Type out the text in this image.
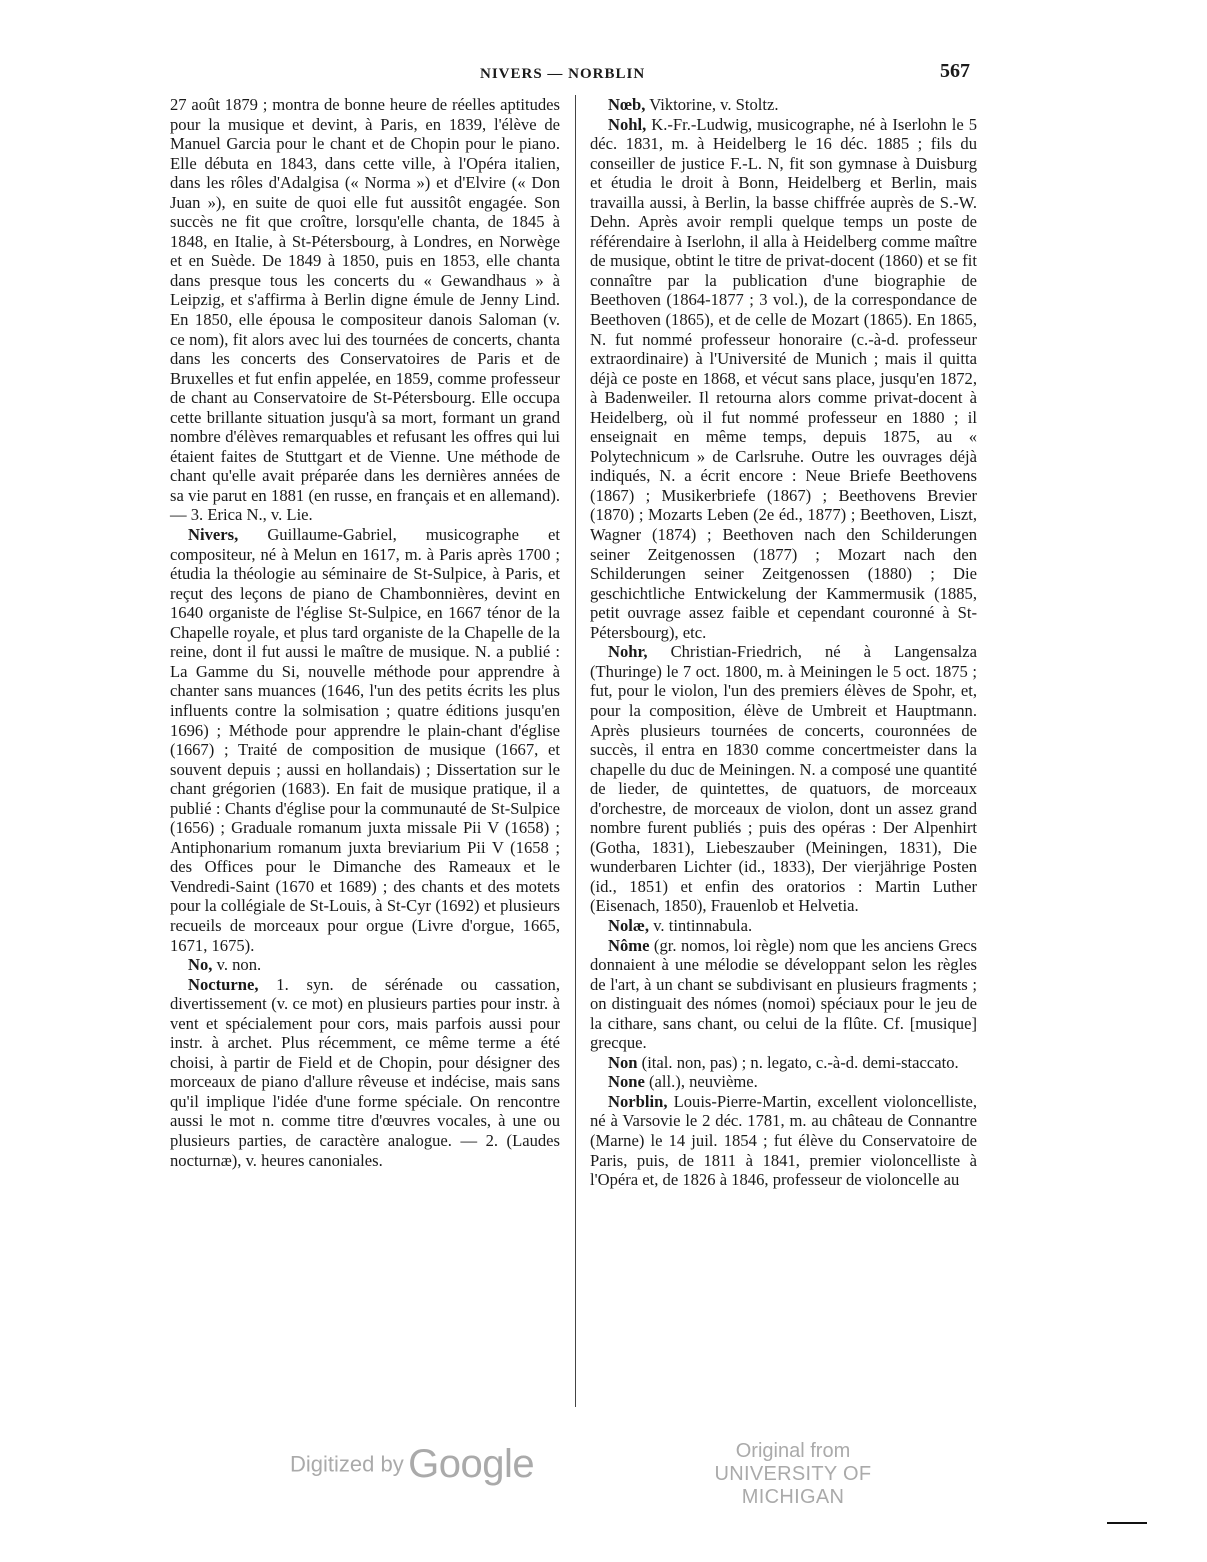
NIVERS — NORBLIN	567

27 août 1879 ; montra de bonne heure de réelles aptitudes pour la musique et devint, à Paris, en 1839, l'élève de Manuel Garcia pour le chant et de Chopin pour le piano. Elle débuta en 1843, dans cette ville, à l'Opéra italien, dans les rôles d'Adalgisa (« Norma ») et d'Elvire (« Don Juan »), en suite de quoi elle fut aussitôt engagée. Son succès ne fit que croître, lorsqu'elle chanta, de 1845 à 1848, en Italie, à St-Pétersbourg, à Londres, en Norwège et en Suède. De 1849 à 1850, puis en 1853, elle chanta dans presque tous les concerts du « Gewandhaus » à Leipzig, et s'affirma à Berlin digne émule de Jenny Lind. En 1850, elle épousa le compositeur danois Saloman (v. ce nom), fit alors avec lui des tournées de concerts, chanta dans les concerts des Conservatoires de Paris et de Bruxelles et fut enfin appelée, en 1859, comme professeur de chant au Conservatoire de St-Pétersbourg. Elle occupa cette brillante situation jusqu'à sa mort, formant un grand nombre d'élèves remarquables et refusant les offres qui lui étaient faites de Stuttgart et de Vienne. Une méthode de chant qu'elle avait préparée dans les dernières années de sa vie parut en 1881 (en russe, en français et en allemand). — 3. Erica N., v. Lie.

Nivers, Guillaume-Gabriel, musicographe et compositeur, né à Melun en 1617, m. à Paris après 1700 ; étudia la théologie au séminaire de St-Sulpice, à Paris, et reçut des leçons de piano de Chambonnières, devint en 1640 organiste de l'église St-Sulpice, en 1667 ténor de la Chapelle royale, et plus tard organiste de la Chapelle de la reine, dont il fut aussi le maître de musique. N. a publié : La Gamme du Si, nouvelle méthode pour apprendre à chanter sans muances (1646, l'un des petits écrits les plus influents contre la solmisation ; quatre éditions jusqu'en 1696) ; Méthode pour apprendre le plain-chant d'église (1667) ; Traité de composition de musique (1667, et souvent depuis ; aussi en hollandais) ; Dissertation sur le chant grégorien (1683). En fait de musique pratique, il a publié : Chants d'église pour la communauté de St-Sulpice (1656) ; Graduale romanum juxta missale Pii V (1658) ; Antiphonarium romanum juxta breviarium Pii V (1658 ; des Offices pour le Dimanche des Rameaux et le Vendredi-Saint (1670 et 1689) ; des chants et des motets pour la collégiale de St-Louis, à St-Cyr (1692) et plusieurs recueils de morceaux pour orgue (Livre d'orgue, 1665, 1671, 1675).

No, v. non.

Nocturne, 1. syn. de sérénade ou cassation, divertissement (v. ce mot) en plusieurs parties pour instr. à vent et spécialement pour cors, mais parfois aussi pour instr. à archet. Plus récemment, ce même terme a été choisi, à partir de Field et de Chopin, pour désigner des morceaux de piano d'allure rêveuse et indécise, mais sans qu'il implique l'idée d'une forme spéciale. On rencontre aussi le mot n. comme titre d'œuvres vocales, à une ou plusieurs parties, de caractère analogue. — 2. (Laudes nocturnæ), v. heures canoniales.

Nœb, Viktorine, v. Stoltz.

Nohl, K.-Fr.-Ludwig, musicographe, né à Iserlohn le 5 déc. 1831, m. à Heidelberg le 16 déc. 1885 ; fils du conseiller de justice F.-L. N, fit son gymnase à Duisburg et étudia le droit à Bonn, Heidelberg et Berlin, mais travailla aussi, à Berlin, la basse chiffrée auprès de S.-W. Dehn. Après avoir rempli quelque temps un poste de référendaire à Iserlohn, il alla à Heidelberg comme maître de musique, obtint le titre de privat-docent (1860) et se fit connaître par la publication d'une biographie de Beethoven (1864-1877 ; 3 vol.), de la correspondance de Beethoven (1865), et de celle de Mozart (1865). En 1865, N. fut nommé professeur honoraire (c.-à-d. professeur extraordinaire) à l'Université de Munich ; mais il quitta déjà ce poste en 1868, et vécut sans place, jusqu'en 1872, à Badenweiler. Il retourna alors comme privat-docent à Heidelberg, où il fut nommé professeur en 1880 ; il enseignait en même temps, depuis 1875, au « Polytechnicum » de Carlsruhe. Outre les ouvrages déjà indiqués, N. a écrit encore : Neue Briefe Beethovens (1867) ; Musikerbriefe (1867) ; Beethovens Brevier (1870) ; Mozarts Leben (2e éd., 1877) ; Beethoven, Liszt, Wagner (1874) ; Beethoven nach den Schilderungen seiner Zeitgenossen (1877) ; Mozart nach den Schilderungen seiner Zeitgenossen (1880) ; Die geschichtliche Entwickelung der Kammermusik (1885, petit ouvrage assez faible et cependant couronné à St-Pétersbourg), etc.

Nohr, Christian-Friedrich, né à Langensalza (Thuringe) le 7 oct. 1800, m. à Meiningen le 5 oct. 1875 ; fut, pour le violon, l'un des premiers élèves de Spohr, et, pour la composition, élève de Umbreit et Hauptmann. Après plusieurs tournées de concerts, couronnées de succès, il entra en 1830 comme concertmeister dans la chapelle du duc de Meiningen. N. a composé une quantité de lieder, de quintettes, de quatuors, de morceaux d'orchestre, de morceaux de violon, dont un assez grand nombre furent publiés ; puis des opéras : Der Alpenhirt (Gotha, 1831), Liebeszauber (Meiningen, 1831), Die wunderbaren Lichter (id., 1833), Der vierjährige Posten (id., 1851) et enfin des oratorios : Martin Luther (Eisenach, 1850), Frauenlob et Helvetia.

Nolæ, v. tintinnabula.

Nôme (gr. nomos, loi règle) nom que les anciens Grecs donnaient à une mélodie se développant selon les règles de l'art, à un chant se subdivisant en plusieurs fragments ; on distinguait des nómes (nomoi) spéciaux pour le jeu de la cithare, sans chant, ou celui de la flûte. Cf. [musique] grecque.

Non (ital. non, pas) ; n. legato, c.-à-d. demi-staccato.

None (all.), neuvième.

Norblin, Louis-Pierre-Martin, excellent violoncelliste, né à Varsovie le 2 déc. 1781, m. au château de Connantre (Marne) le 14 juil. 1854 ; fut élève du Conservatoire de Paris, puis, de 1811 à 1841, premier violoncelliste à l'Opéra et, de 1826 à 1846, professeur de violoncelle au

Digitized by Google	Original from
UNIVERSITY OF MICHIGAN
